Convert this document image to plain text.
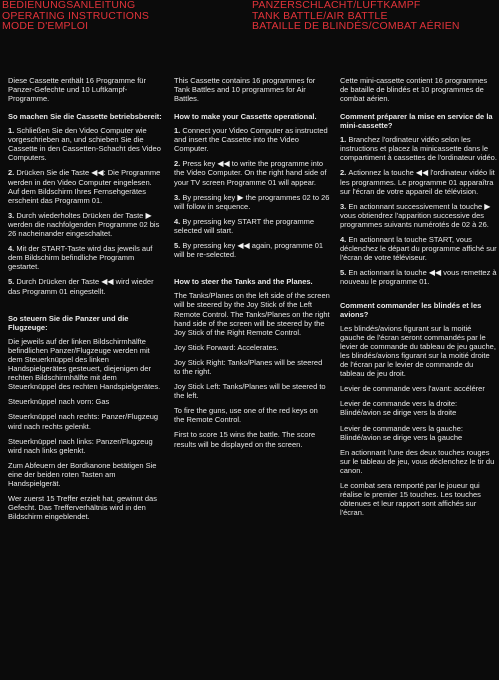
BEDIENUNGSANLEITUNG
OPERATING INSTRUCTIONS
MODE D'EMPLOI
PANZERSCHLACHT/LUFTKAMPF
TANK BATTLE/AIR BATTLE
BATAILLE DE BLINDÉS/COMBAT AÉRIEN

Diese Cassette enthält 16 Programme für Panzer-Gefechte und 10 Luftkampf-Programme.

So machen Sie die Cassette betriebsbereit:

1. Schließen Sie den Video Computer wie vorgeschrieben an, und schieben Sie die Cassette in den Cassetten-Schacht des Video Computers.

2. Drücken Sie die Taste ◀◀: Die Programme werden in den Video Computer eingelesen. Auf dem Bildschirm Ihres Fernsehgerätes erscheint das Programm 01.

3. Durch wiederholtes Drücken der Taste ▶ werden die nachfolgenden Programme 02 bis 26 nacheinander eingeschaltet.

4. Mit der START-Taste wird das jeweils auf dem Bildschirm befindliche Programm gestartet.

5. Durch Drücken der Taste ◀◀ wird wieder das Programm 01 eingestellt.

So steuern Sie die Panzer und die Flugzeuge:

Die jeweils auf der linken Bildschirmhälfte befindlichen Panzer/Flugzeuge werden mit dem Steuerknüppel des linken Handspielgerätes gesteuert, diejenigen der rechten Bildschirmhälfte mit dem Steuerknüppel des rechten Handspielgerätes.

Steuerknüppel nach vorn: Gas

Steuerknüppel nach rechts: Panzer/Flugzeug wird nach rechts gelenkt.

Steuerknüppel nach links: Panzer/Flugzeug wird nach links gelenkt.

Zum Abfeuern der Bordkanone betätigen Sie eine der beiden roten Tasten am Handspielgerät.

Wer zuerst 15 Treffer erzielt hat, gewinnt das Gefecht. Das Trefferverhältnis wird in den Bildschirm eingeblendet.

This Cassette contains 16 programmes for Tank Battles and 10 programmes for Air Battles.

How to make your Cassette operational.

1. Connect your Video Computer as instructed and insert the Cassette into the Video Computer.

2. Press key ◀◀ to write the programme into the Video Computer. On the right hand side of your TV screen Programme 01 will appear.

3. By pressing key ▶ the programmes 02 to 26 will follow in sequence.

4. By pressing key START the programme selected will start.

5. By pressing key ◀◀ again, programme 01 will be re-selected.

How to steer the Tanks and the Planes.

The Tanks/Planes on the left side of the screen will be steered by the Joy Stick of the Left Remote Control. The Tanks/Planes on the right hand side of the screen will be steered by the Joy Stick of the Right Remote Control.

Joy Stick Forward: Accelerates.

Joy Stick Right: Tanks/Planes will be steered to the right.

Joy Stick Left: Tanks/Planes will be steered to the left.

To fire the guns, use one of the red keys on the Remote Control.

First to score 15 wins the battle. The score results will be displayed on the screen.

Cette mini-cassette contient 16 programmes de bataille de blindés et 10 programmes de combat aérien.

Comment préparer la mise en service de la mini-cassette?

1. Branchez l'ordinateur vidéo selon les instructions et placez la minicassette dans le compartiment à cassettes de l'ordinateur vidéo.

2. Actionnez la touche ◀◀ l'ordinateur vidéo lit les programmes. Le programme 01 apparaîtra sur l'écran de votre appareil de télévision.

3. En actionnant successivement la touche ▶ vous obtiendrez l'apparition successive des programmes suivants numérotés de 02 à 26.

4. En actionnant la touche START, vous déclenchez le départ du programme affiché sur l'écran de votre téléviseur.

5. En actionnant la touche ◀◀ vous remettez à nouveau le programme 01.

Comment commander les blindés et les avions?

Les blindés/avions figurant sur la moitié gauche de l'écran seront commandés par le levier de commande du tableau de jeu gauche, les blindés/avions figurant sur la moitié droite de l'écran par le levier de commande du tableau de jeu droit.

Levier de commande vers l'avant: accélérer

Levier de commande vers la droite: Blindé/avion se dirige vers la droite

Levier de commande vers la gauche: Blindé/avion se dirige vers la gauche

En actionnant l'une des deux touches rouges sur le tableau de jeu, vous déclenchez le tir du canon.

Le combat sera remporté par le joueur qui réalise le premier 15 touches. Les touches obtenues et leur rapport sont affichés sur l'écran.
